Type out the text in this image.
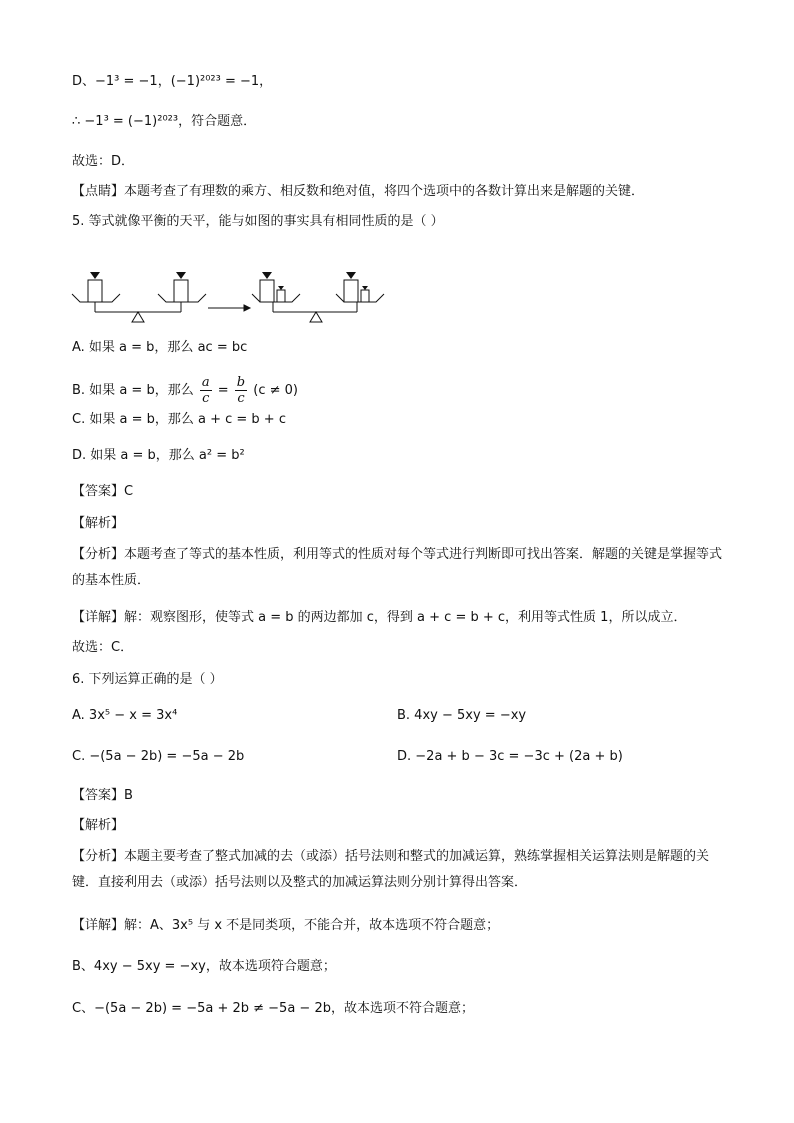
D、−1³ = −1，(−1)²⁰²³ = −1，
∴ −1³ = (−1)²⁰²³，符合题意．
故选：D．
【点睛】本题考查了有理数的乘方、相反数和绝对值，将四个选项中的各数计算出来是解题的关键．
5. 等式就像平衡的天平，能与如图的事实具有相同性质的是（ ）
A. 如果 a = b，那么 ac = bc
B. 如果 a = b，那么 $\frac{a}{c} = \frac{b}{c} (c \ne 0)$
C. 如果 a = b，那么 a + c = b + c
D. 如果 a = b，那么 a² = b²
【答案】C
【解析】
【分析】本题考查了等式的基本性质，利用等式的性质对每个等式进行判断即可找出答案．解题的关键是掌握等式的基本性质．
【详解】解：观察图形，使等式 a = b 的两边都加 c，得到 a + c = b + c，利用等式性质 1，所以成立．
故选：C．
6. 下列运算正确的是（ ）
A. 3x⁵ − x = 3x⁴	B. 4xy − 5xy = −xy
C. −(5a − 2b) = −5a − 2b	D. −2a + b − 3c = −3c + (2a + b)
【答案】B
【解析】
【分析】本题主要考查了整式加减的去（或添）括号法则和整式的加减运算，熟练掌握相关运算法则是解题的关键．直接利用去（或添）括号法则以及整式的加减运算法则分别计算得出答案．
【详解】解：A、3x⁵ 与 x 不是同类项，不能合并，故本选项不符合题意；
B、4xy − 5xy = −xy，故本选项符合题意；
C、−(5a − 2b) = −5a + 2b ≠ −5a − 2b，故本选项不符合题意；
